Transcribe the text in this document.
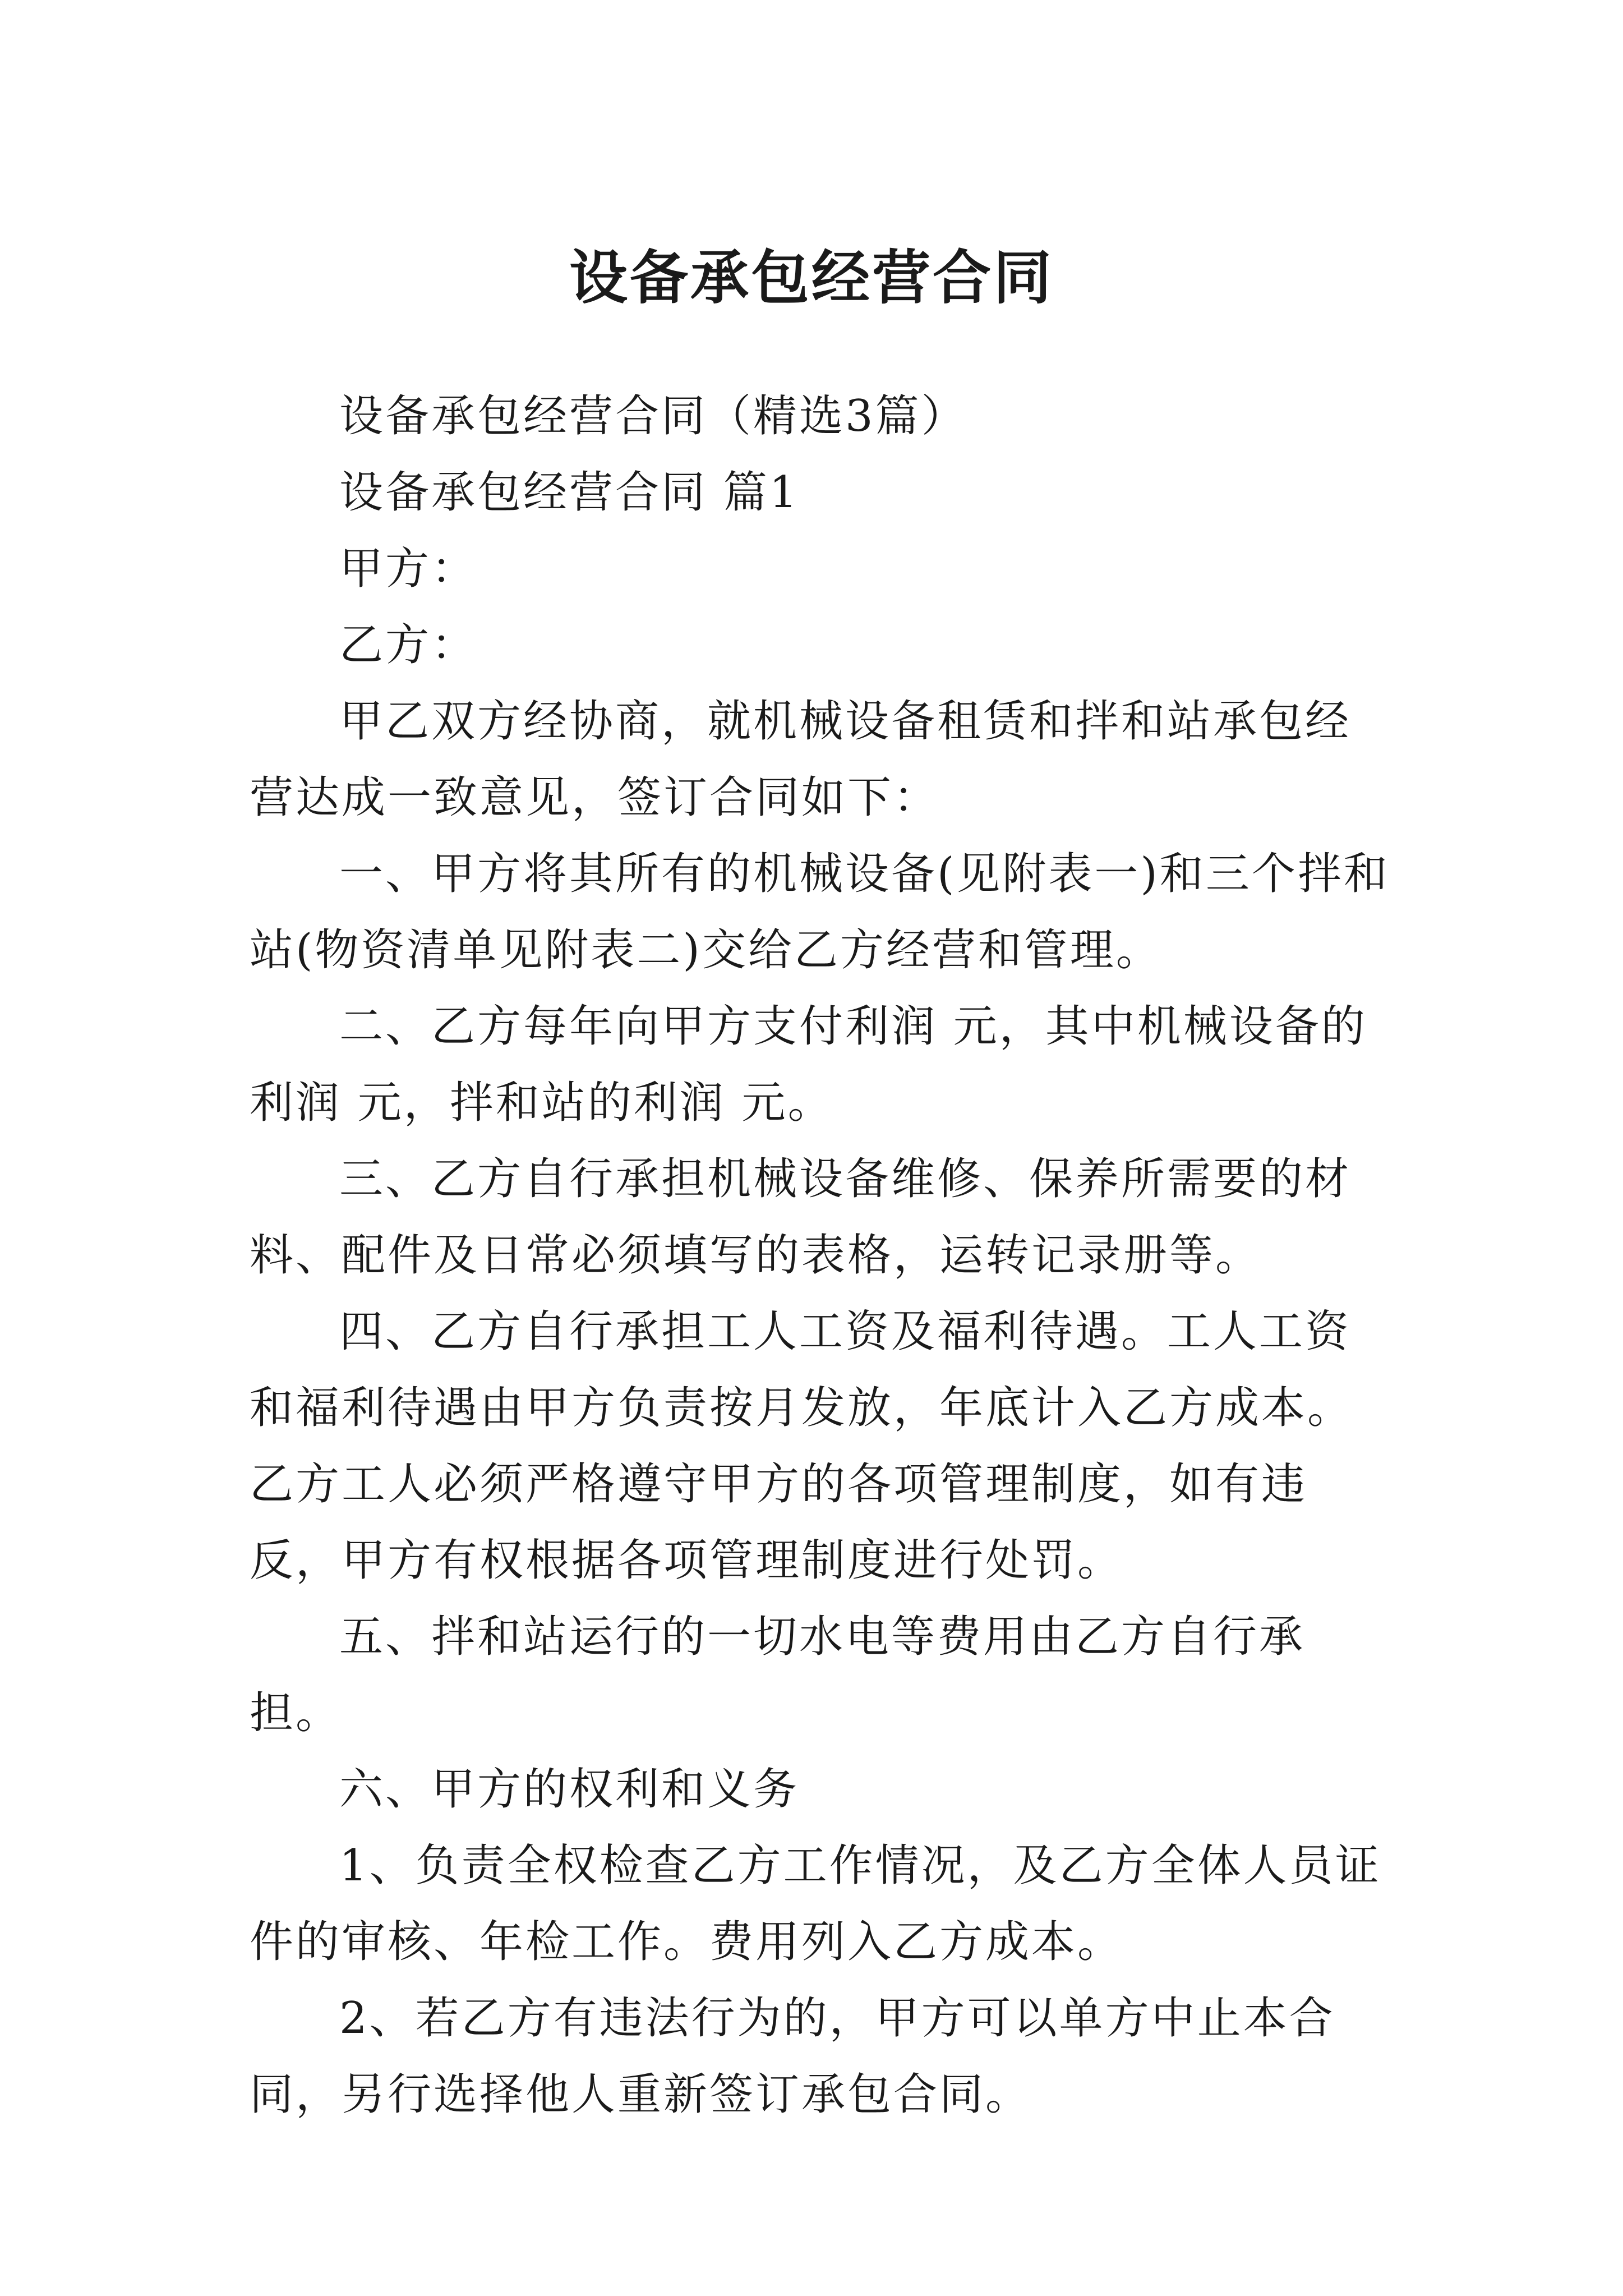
设备承包经营合同

设备承包经营合同（精选3篇）

设备承包经营合同 篇1

甲方：

乙方：

甲乙双方经协商，就机械设备租赁和拌和站承包经营达成一致意见，签订合同如下：

一、甲方将其所有的机械设备(见附表一)和三个拌和站(物资清单见附表二)交给乙方经营和管理。

二、乙方每年向甲方支付利润 元，其中机械设备的利润 元，拌和站的利润 元。

三、乙方自行承担机械设备维修、保养所需要的材料、配件及日常必须填写的表格，运转记录册等。

四、乙方自行承担工人工资及福利待遇。工人工资和福利待遇由甲方负责按月发放，年底计入乙方成本。乙方工人必须严格遵守甲方的各项管理制度，如有违反，甲方有权根据各项管理制度进行处罚。

五、拌和站运行的一切水电等费用由乙方自行承担。

六、甲方的权利和义务

1、负责全权检查乙方工作情况，及乙方全体人员证件的审核、年检工作。费用列入乙方成本。

2、若乙方有违法行为的，甲方可以单方中止本合同，另行选择他人重新签订承包合同。
